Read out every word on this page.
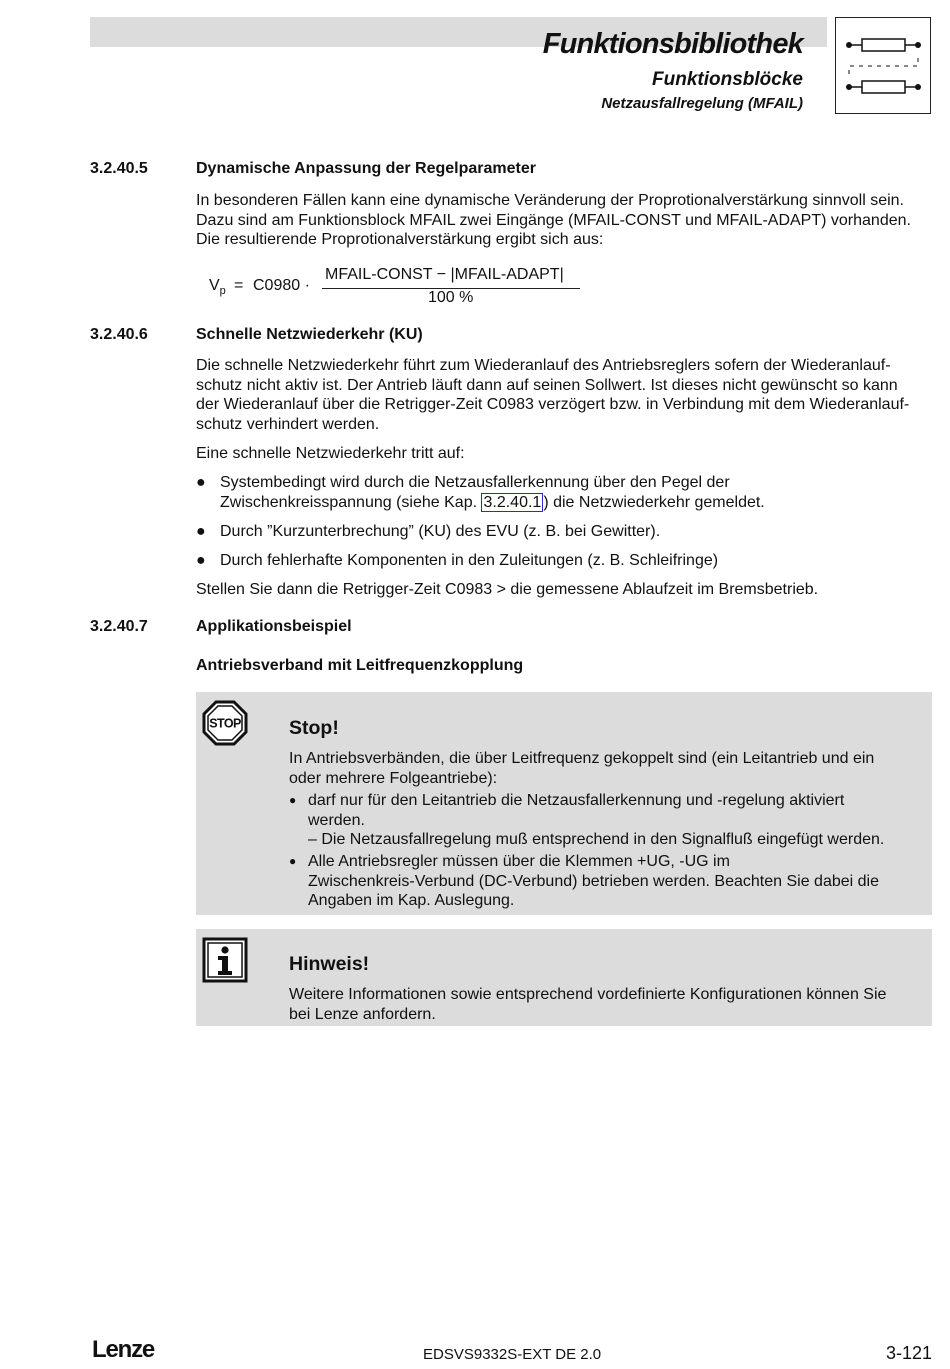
Funktionsbibliothek
Funktionsblöcke
Netzausfallregelung (MFAIL)
3.2.40.5	Dynamische Anpassung der Regelparameter

In besonderen Fällen kann eine dynamische Veränderung der Proprotionalverstärkung sinnvoll sein.

Dazu sind am Funktionsblock MFAIL zwei Eingänge (MFAIL-CONST und MFAIL-ADAPT) vorhanden.

Die resultierende Proprotionalverstärkung ergibt sich aus:

$V_p = C0980$ ·
MFAIL-CONST − |MFAIL-ADAPT|
100 %
3.2.40.6	Schnelle Netzwiederkehr (KU)

Die schnelle Netzwiederkehr führt zum Wiederanlauf des Antriebsreglers sofern der Wiederanlauf-

schutz nicht aktiv ist. Der Antrieb läuft dann auf seinen Sollwert. Ist dieses nicht gewünscht so kann

der Wiederanlauf über die Retrigger-Zeit C0983 verzögert bzw. in Verbindung mit dem Wiederanlauf-

schutz verhindert werden.

Eine schnelle Netzwiederkehr tritt auf:
● Systembedingt wird durch die Netzausfallerkennung über den Pegel der
Zwischenkreisspannung (siehe Kap. 3.2.40.1 ) die Netzwiederkehr gemeldet.
● Durch ”Kurzunterbrechung” (KU) des EVU (z. B. bei Gewitter).
● Durch fehlerhafte Komponenten in den Zuleitungen (z. B. Schleifringe)
Stellen Sie dann die Retrigger-Zeit C0983 > die gemessene Ablaufzeit im Bremsbetrieb.
3.2.40.7	Applikationsbeispiel
Antriebsverband mit Leitfrequenzkopplung
STOP Stop!
In Antriebsverbänden, die über Leitfrequenz gekoppelt sind (ein Leitantrieb und ein
oder mehrere Folgeantriebe):
● darf nur für den Leitantrieb die Netzausfallerkennung und -regelung aktiviert
werden.
– Die Netzausfallregelung muß entsprechend in den Signalfluß eingefügt werden.
● Alle Antriebsregler müssen über die Klemmen +UG, -UG im
Zwischenkreis-Verbund (DC-Verbund) betrieben werden. Beachten Sie dabei die
Angaben im Kap. Auslegung.
Hinweis!
Weitere Informationen sowie entsprechend vordefinierte Konfigurationen können Sie
bei Lenze anfordern.
Lenze	EDSVS9332S-EXT DE 2.0	3-121
